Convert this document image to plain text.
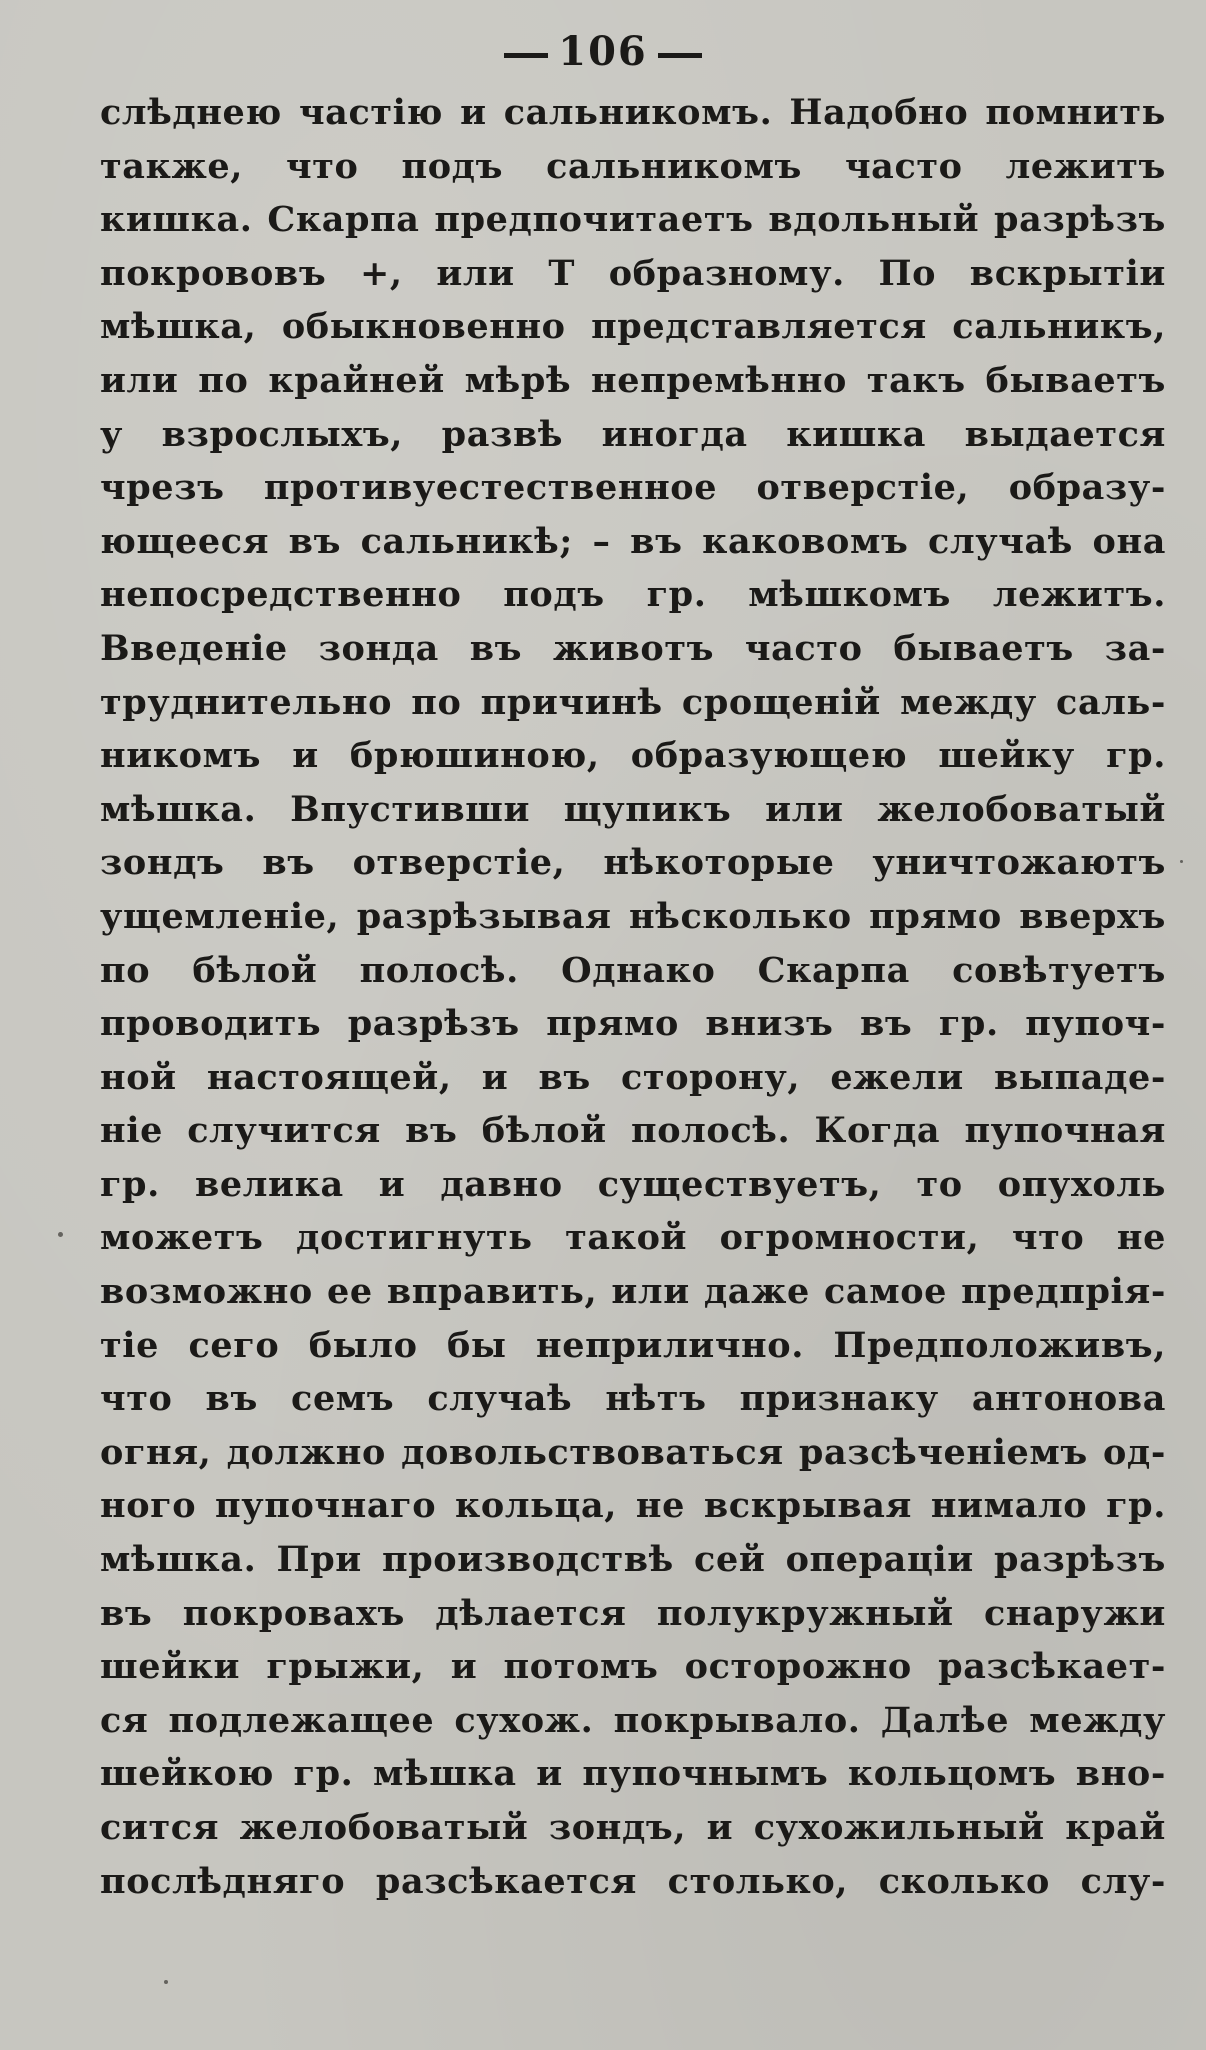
106
слѣднею частію и сальникомъ. Надобно помнить
также, что подъ сальникомъ часто лежитъ
кишка. Скарпа предпочитаетъ вдольный разрѣзъ
покрововъ +, или T образному. По вскрытіи
мѣшка, обыкновенно представляется сальникъ,
или по крайней мѣрѣ непремѣнно такъ бываетъ
у взрослыхъ, развѣ иногда кишка выдается
чрезъ противуестественное отверстіе, образу-
ющееся въ сальникѣ; – въ каковомъ случаѣ она
непосредственно подъ гр. мѣшкомъ лежитъ.
Введеніе зонда въ животъ часто бываетъ за-
труднительно по причинѣ срощеній между саль-
никомъ и брюшиною, образующею шейку гр.
мѣшка. Впустивши щупикъ или желобоватый
зондъ въ отверстіе, нѣкоторые уничтожаютъ
ущемленіе, разрѣзывая нѣсколько прямо вверхъ
по бѣлой полосѣ. Однако Скарпа совѣтуетъ
проводить разрѣзъ прямо внизъ въ гр. пупоч-
ной настоящей, и въ сторону, ежели выпаде-
ніе случится въ бѣлой полосѣ. Когда пупочная
гр. велика и давно существуетъ, то опухоль
можетъ достигнуть такой огромности, что не
возможно ее вправить, или даже самое предпрія-
тіе сего было бы неприлично. Предположивъ,
что въ семъ случаѣ нѣтъ признаку антонова
огня, должно довольствоваться разсѣченіемъ од-
ного пупочнаго кольца, не вскрывая нимало гр.
мѣшка. При производствѣ сей операціи разрѣзъ
въ покровахъ дѣлается полукружный снаружи
шейки грыжи, и потомъ осторожно разсѣкает-
ся подлежащее сухож. покрывало. Далѣе между
шейкою гр. мѣшка и пупочнымъ кольцомъ вно-
сится желобоватый зондъ, и сухожильный край
послѣдняго разсѣкается столько, сколько слу-
